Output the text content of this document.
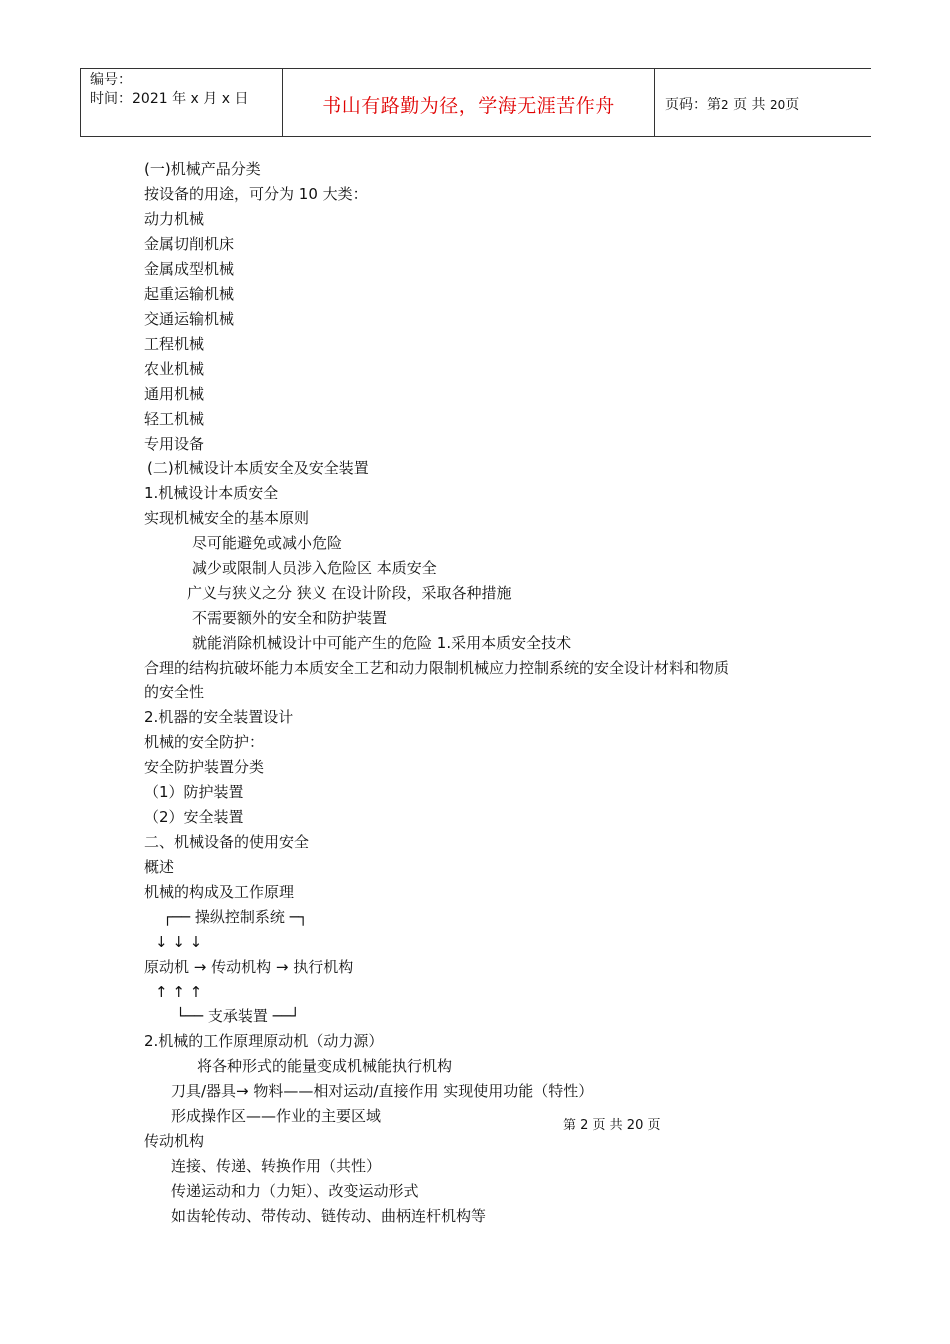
编号：
时间：2021 年 x 月 x 日	书山有路勤为径，学海无涯苦作舟	页码：第2 页 共 20页
(一)机械产品分类
按设备的用途，可分为 10 大类：
动力机械
金属切削机床
金属成型机械
起重运输机械
交通运输机械
工程机械
农业机械
通用机械
轻工机械
专用设备
(二)机械设计本质安全及安全装置
1.机械设计本质安全
实现机械安全的基本原则
尽可能避免或减小危险
减少或限制人员涉入危险区 本质安全
广义与狭义之分 狭义 在设计阶段，采取各种措施
不需要额外的安全和防护装置
就能消除机械设计中可能产生的危险 1.采用本质安全技术
合理的结构抗破坏能力本质安全工艺和动力限制机械应力控制系统的安全设计材料和物质
的安全性
2.机器的安全装置设计
机械的安全防护：
安全防护装置分类
（1）防护装置
（2）安全装置
二、机械设备的使用安全
概述
机械的构成及工作原理
┌── 操纵控制系统 ─┐
↓ ↓ ↓
原动机 → 传动机构 → 执行机构
↑ ↑ ↑
└── 支承装置 ──┘
2.机械的工作原理原动机（动力源）
将各种形式的能量变成机械能执行机构
刀具/器具→ 物料——相对运动/直接作用 实现使用功能（特性）
形成操作区——作业的主要区域
传动机构
连接、传递、转换作用（共性）
传递运动和力（力矩）、改变运动形式
如齿轮传动、带传动、链传动、曲柄连杆机构等
第 2 页 共 20 页
